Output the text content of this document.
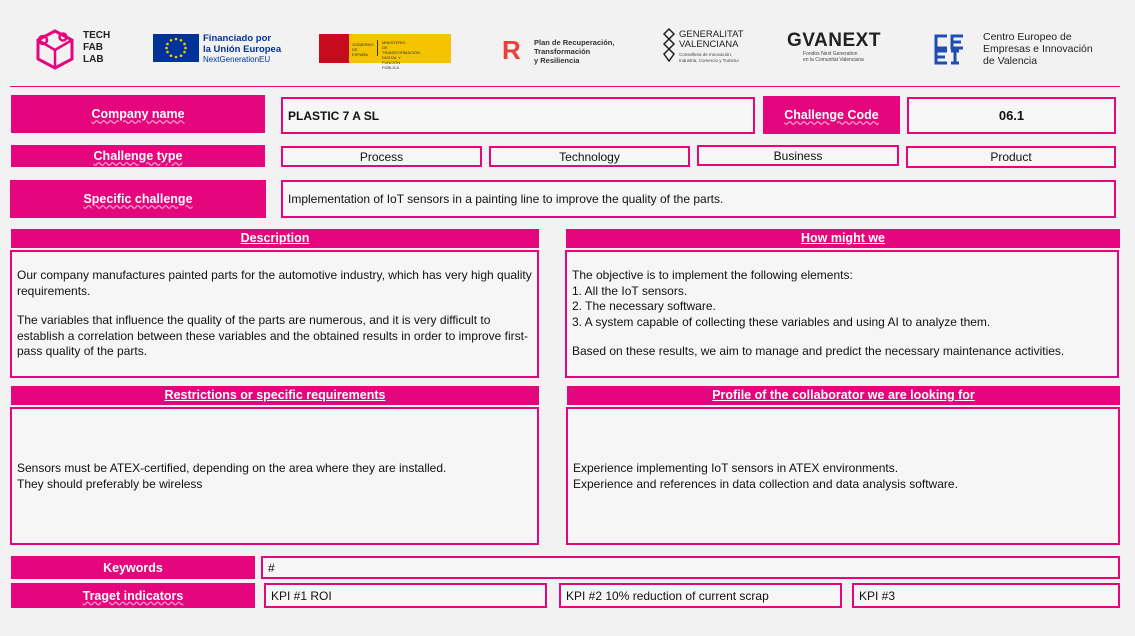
TECH
FAB
LAB
Financiado por
la Unión Europea
NextGenerationEU
GOBIERNO DE ESPAÑA
MINISTERIO DE TRANSFORMACIÓN DIGITAL Y FUNCIÓN PÚBLICA
R Plan de Recuperación,
Transformación
y Resiliencia
GENERALITAT
VALENCIANA
Conselleria de Innovación,
Industria, Comercio y Turismo
GVANEXT
Fondos Next Generation
en la Comunitat Valenciana
Centro Europeo de
Empresas e Innovación
de Valencia
Company name	PLASTIC 7 A SL	Challenge Code	06.1
Challenge type	Process	Technology	Business	Product
Specific challenge	Implementation of IoT sensors in a painting line to improve the quality of the parts.
Description

Our company manufactures painted parts for the automotive industry, which has very high quality requirements.

The variables that influence the quality of the parts are numerous, and it is very difficult to establish a correlation between these variables and the obtained results in order to improve first-pass quality of the parts.

How might we

The objective is to implement the following elements:

1. All the IoT sensors.

2. The necessary software.

3. A system capable of collecting these variables and using AI to analyze them.

Based on these results, we aim to manage and predict the necessary maintenance activities.

Restrictions or specific requirements

Sensors must be ATEX-certified, depending on the area where they are installed.

They should preferably be wireless

Profile of the collaborator we are looking for

Experience implementing IoT sensors in ATEX environments.

Experience and references in data collection and data analysis software.

Keywords	#
Traget indicators	KPI #1 ROI	KPI #2 10% reduction of current scrap	KPI #3
